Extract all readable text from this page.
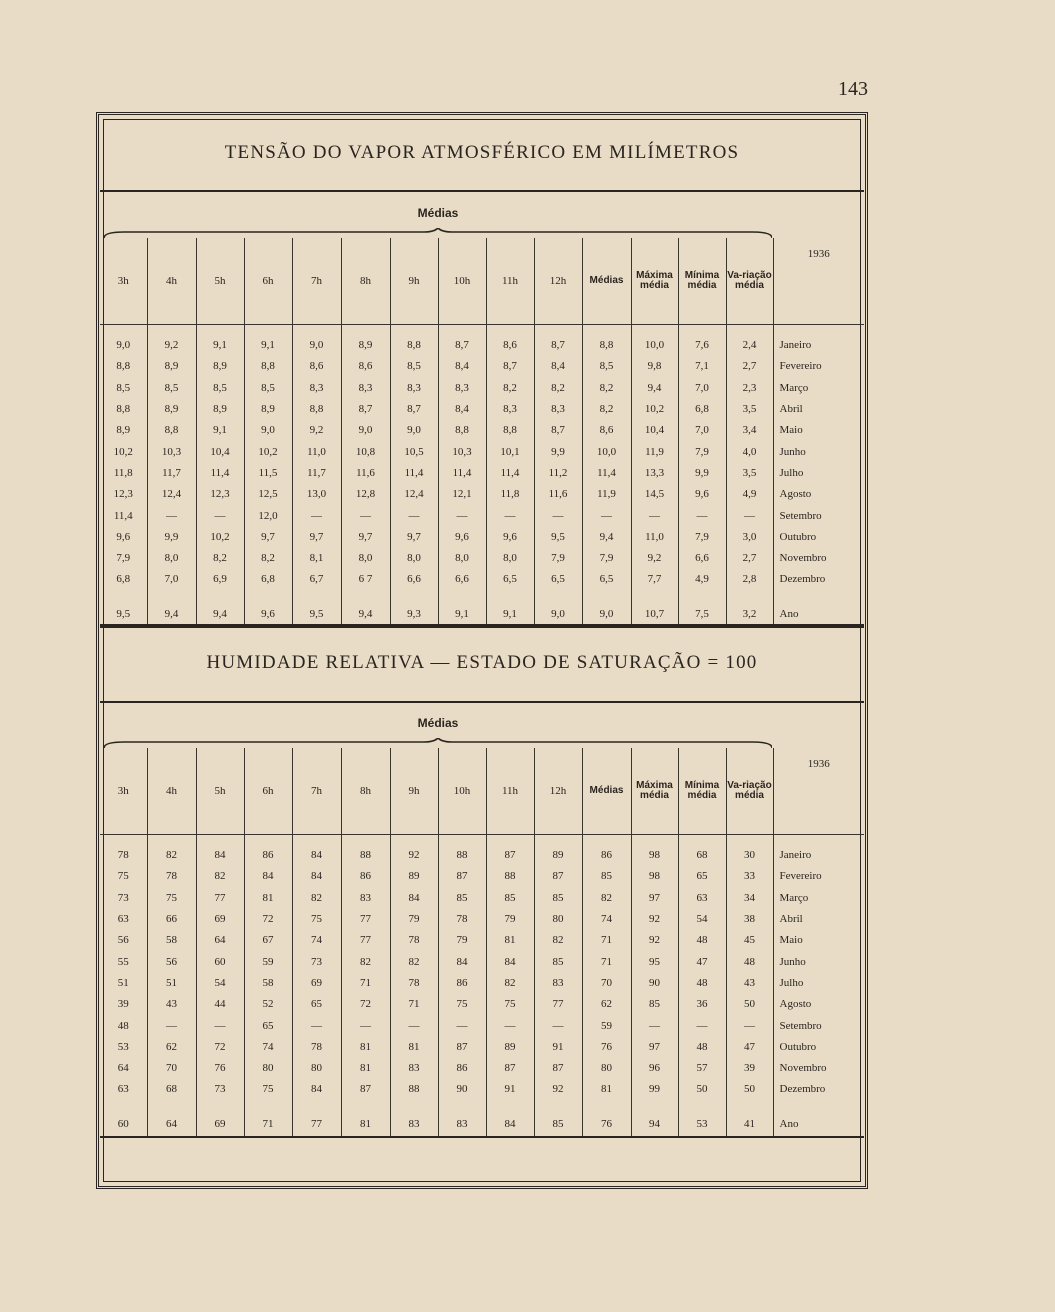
143
TENSÃO DO VAPOR ATMOSFÉRICO EM MILÍMETROS
Médias
3h	4h	5h	6h	7h	8h	9h	10h	11h	12h	Médias	Máxima média	Mínima média	Va-riação média	1936

9,0	9,2	9,1	9,1	9,0	8,9	8,8	8,7	8,6	8,7	8,8	10,0	7,6	2,4	Janeiro
8,8	8,9	8,9	8,8	8,6	8,6	8,5	8,4	8,7	8,4	8,5	9,8	7,1	2,7	Fevereiro
8,5	8,5	8,5	8,5	8,3	8,3	8,3	8,3	8,2	8,2	8,2	9,4	7,0	2,3	Março
8,8	8,9	8,9	8,9	8,8	8,7	8,7	8,4	8,3	8,3	8,2	10,2	6,8	3,5	Abril
8,9	8,8	9,1	9,0	9,2	9,0	9,0	8,8	8,8	8,7	8,6	10,4	7,0	3,4	Maio
10,2	10,3	10,4	10,2	11,0	10,8	10,5	10,3	10,1	9,9	10,0	11,9	7,9	4,0	Junho
11,8	11,7	11,4	11,5	11,7	11,6	11,4	11,4	11,4	11,2	11,4	13,3	9,9	3,5	Julho
12,3	12,4	12,3	12,5	13,0	12,8	12,4	12,1	11,8	11,6	11,9	14,5	9,6	4,9	Agosto
11,4	—	—	12,0	—	—	—	—	—	—	—	—	—	—	Setembro
9,6	9,9	10,2	9,7	9,7	9,7	9,7	9,6	9,6	9,5	9,4	11,0	7,9	3,0	Outubro
7,9	8,0	8,2	8,2	8,1	8,0	8,0	8,0	8,0	7,9	7,9	9,2	6,6	2,7	Novembro
6,8	7,0	6,9	6,8	6,7	6 7	6,6	6,6	6,5	6,5	6,5	7,7	4,9	2,8	Dezembro

9,5	9,4	9,4	9,6	9,5	9,4	9,3	9,1	9,1	9,0	9,0	10,7	7,5	3,2	Ano
HUMIDADE RELATIVA — ESTADO DE SATURAÇÃO = 100
Médias
3h	4h	5h	6h	7h	8h	9h	10h	11h	12h	Médias	Máxima média	Mínima média	Va-riação média	1936

78	82	84	86	84	88	92	88	87	89	86	98	68	30	Janeiro
75	78	82	84	84	86	89	87	88	87	85	98	65	33	Fevereiro
73	75	77	81	82	83	84	85	85	85	82	97	63	34	Março
63	66	69	72	75	77	79	78	79	80	74	92	54	38	Abril
56	58	64	67	74	77	78	79	81	82	71	92	48	45	Maio
55	56	60	59	73	82	82	84	84	85	71	95	47	48	Junho
51	51	54	58	69	71	78	86	82	83	70	90	48	43	Julho
39	43	44	52	65	72	71	75	75	77	62	85	36	50	Agosto
48	—	—	65	—	—	—	—	—	—	59	—	—	—	Setembro
53	62	72	74	78	81	81	87	89	91	76	97	48	47	Outubro
64	70	76	80	80	81	83	86	87	87	80	96	57	39	Novembro
63	68	73	75	84	87	88	90	91	92	81	99	50	50	Dezembro

60	64	69	71	77	81	83	83	84	85	76	94	53	41	Ano
